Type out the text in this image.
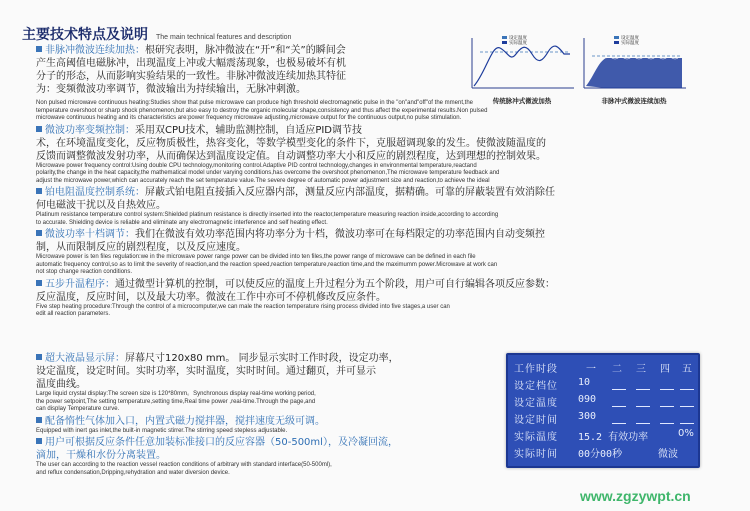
主要技术特点及说明 The main technical features and description	设定温度
实际温度
传统脉冲式微波加热
设定温度
实际温度
非脉冲式微波连续加热
非脉冲微波连续加热：根研究表明，脉冲微波在“开”和“关”的瞬间会
产生高阈值电磁脉冲，出现温度上冲或大幅震荡现象，也极易破坏有机
分子的形态，从而影响实验结果的一致性。非脉冲微波连续加热其特征
为：变频微波功率调节，微波输出为持续输出，无脉冲刺激。
Non pulsed microwave continuous heating:Studies show that pulse microwave can produce high threshold electromagnetic pulse in the "on"and"off"of the mment,the
temperature overshoot or sharp shock phenomenon,but also easy to destroy the organic molecular shape,consistency and thus affect the experimental results.Non pulsed
microwave continuous heating and its characteristics are:power frequency microwave adjusting,microwave output for the continuous output,no pulse stimulation.
微波功率变频控制：采用双CPU技术，辅助监测控制，自适应PID调节技
术，在环境温度变化，反应物质极性，热容变化，等数学模型变化的条件下，克服超调现象的发生。使微波随温度的
反馈而调整微波发射功率，从而确保达到温度设定值。自动调整功率大小和反应的剧烈程度，达到理想的控制效果。
Microwave power frequency control:Using double CPU technology,monitoring control.Adaptive PID control technology,changes in environmental temperature,reactand
polarity,the change in the heat capacity,the mathematical model under varying conditions,has overcome the overshoot phenomenon,The microwave temperature feedback and
adjust the microwave power,which can accurately reach the set temperature value.The severe degree of automatic power adjustment size and reaction,to achieve the ideal
铂电阻温度控制系统：屏蔽式铂电阻直接插入反应器内部，测量反应内部温度，据精确。可靠的屏蔽装置有效消除任
何电磁波干扰以及自热效应。
Platinum resistance temperature control system:Shielded platinum resistance is directly inserted into the reactor,temperature measuring reaction inside,according to according
to accurate. Shielding device is reliable and eliminate any electromagnetic interference and self heating effect.
微波功率十档调节：我们在微波有效功率范围内将功率分为十档，微波功率可在每档限定的功率范围内自动变频控
制，从而限制反应的剧烈程度，以及反应速度。
Microwave power is ten files regulation:we in the microwave power range power can be divided into ten files,the power range of microwave can be defined in each file
automatic frequency control,so as to limit the severity of reaction,and the reaction speed,reaction temperature,reaction time,and the maximumm power.Microwave at work can
not stop change reaction conditions.
五步升温程序：通过微型计算机的控制，可以使反应的温度上升过程分为五个阶段，用户可自行编辑各项反应参数：
反应温度，反应时间，以及最大功率。微波在工作中亦可不停机修改反应条件。
Five step heating procedure:Through the control of a microcomputer,we can male the reaction temperature rising process divided into five stages,a user can
edit all reaction parameters.
超大液晶显示屏：屏幕尺寸120x80 mm。 同步显示实时工作时段，设定功率，
设定温度，设定时间。实时功率，实时温度，实时时间。通过翻页，并可显示
温度曲线。
Large liquid crystal display:The screen size is 120*80mm。Synchronous display real-time working period,
the power setpoint,The setting temperature,setting time,Real time power ,real-time.Through the page,and
can display Temperature curve.
配备惰性气体加入口，内置式磁力搅拌器，搅拌速度无级可调。
Equipped with inert gas inlet,the built-in magnetic stirrer.The stirring speed stepless adjustable.
用户可根据反应条件任意加装标准接口的反应容器（50-500ml），及冷凝回流，
滴加，干燥和水份分离装置。
The user can according to the reaction vessel reaction conditions of arbitrary with standard interface(50-500ml),
and reflux condensation,Dripping,rehydration and water diversion device.
工作时段	一 二 三 四 五
设定档位 10
设定温度 090
设定时间 300
实际温度 15.2 有效功率	0%
实际时间 00分00秒	微波
www.zgzywpt.cn
